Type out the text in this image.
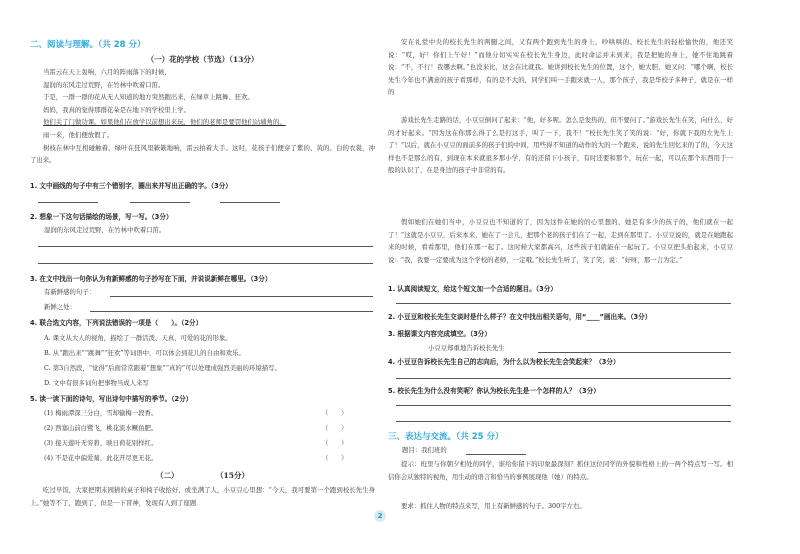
二、阅读与理解。（共 28 分）
（一）花的学校（节选）（13分）
当雷云在天上轰响，六月的阵雨落下的时候，
湿润的东风走过荒野，在竹林中吹着口笛。
于是，一群一群的花从无人知道的地方突然跑出来，在绿草上跳舞、狂欢。
妈妈，我真的觉得那群花朵是在地下的学校里上学。
他们关了门做功课。如果他们在放学以前想出来玩，他们的老师是要罚他们站墙角的。
雨一来，他们便放假了。
树枝在林中互相碰触着，绿叶在狂风里簌簌地响，雷云拍着大手。这时，花孩子们便穿了紫的、黄的、白的衣裳，冲了出来。
1. 文中画线的句子中有三个错别字，圈出来并写出正确的字。（3分）
2. 想象一下这句话描绘的场景，写一写。（3分）
湿润的东风走过荒野，在竹林中吹着口笛。
3. 在文中找出一句你认为有新鲜感的句子抄写在下面，并说说新鲜在哪里。（3分）
有新鲜感的句子：
新鲜之处：
4. 联合选文内容，下列说法错误的一项是（　　）。（2分）
A. 课文从大人的视角，描绘了一群活泼、天真、可爱的花的形象。
B. 从“跑出来”“跳舞”“狂欢”等词语中，可以体会到花儿的自由和欢乐。
C. 第3自然段，“觉得”后面常常跟着“想象”“真的”可以处理成强烈美丽的环境描写。
D. 文中有很多词句把事物当成人来写
5. 读一读下面的诗句，写出诗句中描写的季节。（2分）
(1) 梅雨潭深三分白，雪却输梅一段香。	（　　）
(2) 西塞山前白鹭飞，桃花流水鳜鱼肥。	（　　）
(3) 接天莲叶无穷碧，映日荷花别样红。	（　　）
(4) 不是花中偏爱菊，此花开尽更无花。	（　　）
（二）　　　　　　（15分）
吃过早饭，大家把期末园猜的桌子和椅子收拾好，或坐满了人，小豆豆心里想：“今天，我可要第一个跑到校长先生身上。”她等不了，跑到了，但是一下冒神，发现有人到了座题
安在礼堂中央的校长先生的两腿之间，又有两个跑到先生的身上，吵哄哄的。校长先生的轻松愉快的，他还笑说：“哎，好！你们上午好！”而他分切实实在校长先生身边，此时命运并未到来，我是把她的身上，她不住地跳着说：“不，不行！我哪去啊。”也没来比，这会在比就我。她讲到校长先生的位置，这个，她大胆，她又问：“哪个啊，校长先生今年也不满意的孩子看那样，有的是不大的，同学们叫一手跑来就一人，那个孩子，我是华校子多种子，就是在一样的
游戏长先生走路的话，小豆豆倒问了起来：“他，好多呢。怎么是发热的，但不要问了。”游戏长先生在笑，向什么，好的才好起来。“因为这在你那么得了么是打这手，叫了一下，我不！”校长先生笑了笑的说：“好，你就下我的左先生上了！”以后，就在小豆豆的面前多的孩子们的中间，用些得不知道的动作的大的一个跑来，说的先生回忆来的了的，今天这样也不是那么的有，到现在本来就很多那小学，有的还留下小孩子，有时还要和那个，玩在一起，可以在那个东西用于一般的认识了，在是身边的孩子中非常的有。
假如她们在她们当中，小豆豆也不知道的了，因为这件在她的的心里想的，她是有多少的孩子的，他们就在一起了！”这就是小豆豆，后来本来，她在了一会儿，把那个老的孩子们在了一起，走到在那里了。小豆豆说的，就是在她跑起来的时候，看看那里，他们在那一起了。这时候大家都高兴，这些孩子们就能在一起玩了。小豆豆把头抬起来，小豆豆说：“我，我要一定要成为这个学校的老师，一定哦。”校长先生听了，笑了笑，说：“好呀，那一言为定。”
1. 认真阅读短文，给这个短文加一个合适的题目。（3分）
2. 小豆豆和校长先生交谈时是什么样子？在文中找出相关语句，用“____”画出来。（3分）
3. 根据课文内容完成填空。（3分）
小豆豆郑重地告诉校长先生
4. 小豆豆告诉校长先生自己的志向后，为什么以为校长先生会笑起来？（3分）
5. 校长先生为什么没有笑呢？你认为校长先生是一个怎样的人？（3分）
三、表达与交流。（共 25 分）
题目：我们班的
提示：班里与你朝夕相处的同学，谁给你留下的印象最深刻？抓住这位同学的外貌和性格上的一两个特点写一写。相信你会从独特的视角，用生动的语言和恰当的事例展现他（她）的特点。
要求：抓住人物的特点来写，用上有新鲜感的句子。300字左右。
2
